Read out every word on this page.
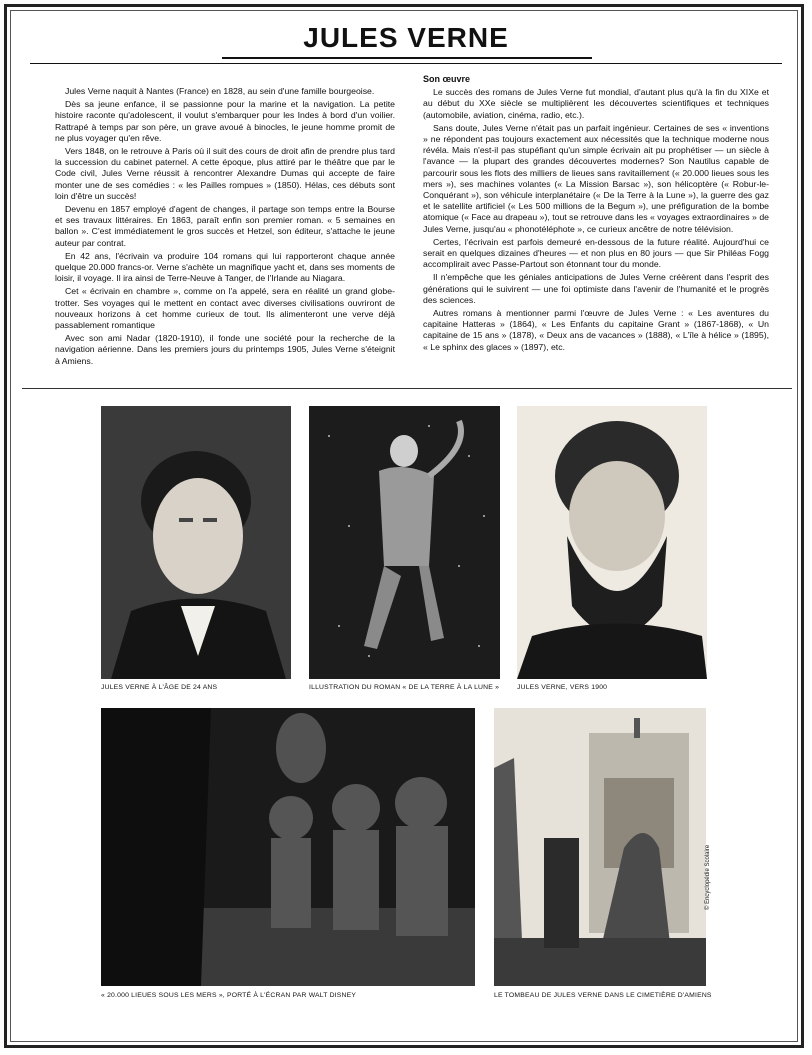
JULES VERNE

Jules Verne naquit à Nantes (France) en 1828, au sein d'une famille bourgeoise.

Dès sa jeune enfance, il se passionne pour la marine et la navigation. La petite histoire raconte qu'adolescent, il voulut s'embarquer pour les Indes à bord d'un voilier. Rattrapé à temps par son père, un grave avoué à binocles, le jeune homme promit de ne plus voyager qu'en rêve.

Vers 1848, on le retrouve à Paris où il suit des cours de droit afin de prendre plus tard la succession du cabinet paternel. A cette époque, plus attiré par le théâtre que par le Code civil, Jules Verne réussit à rencontrer Alexandre Dumas qui accepte de faire monter une de ses comédies : « les Pailles rompues » (1850). Hélas, ces débuts sont loin d'être un succès!

Devenu en 1857 employé d'agent de changes, il partage son temps entre la Bourse et ses travaux littéraires. En 1863, paraît enfin son premier roman. « 5 semaines en ballon ». C'est immédiatement le gros succès et Hetzel, son éditeur, s'attache le jeune auteur par contrat.

En 42 ans, l'écrivain va produire 104 romans qui lui rapporteront chaque année quelque 20.000 francs-or. Verne s'achète un magnifique yacht et, dans ses moments de loisir, il voyage. Il ira ainsi de Terre-Neuve à Tanger, de l'Irlande au Niagara.

Cet « écrivain en chambre », comme on l'a appelé, sera en réalité un grand globe-trotter. Ses voyages qui le mettent en contact avec diverses civilisations ouvriront de nouveaux horizons à cet homme curieux de tout. Ils alimenteront une verve déjà passablement romantique

Avec son ami Nadar (1820-1910), il fonde une société pour la recherche de la navigation aérienne. Dans les premiers jours du printemps 1905, Jules Verne s'éteignit à Amiens.

Son œuvre

Le succès des romans de Jules Verne fut mondial, d'autant plus qu'à la fin du XIXe et au début du XXe siècle se multiplièrent les découvertes scientifiques et techniques (automobile, aviation, cinéma, radio, etc.).

Sans doute, Jules Verne n'était pas un parfait ingénieur. Certaines de ses « inventions » ne répondent pas toujours exactement aux nécessités que la technique moderne nous révéla. Mais n'est-il pas stupéfiant qu'un simple écrivain ait pu prophétiser — un siècle à l'avance — la plupart des grandes découvertes modernes? Son Nautilus capable de parcourir sous les flots des milliers de lieues sans ravitaillement (« 20.000 lieues sous les mers »), ses machines volantes (« La Mission Barsac »), son hélicoptère (« Robur-le-Conquérant »), son véhicule interplanétaire (« De la Terre à la Lune »), la guerre des gaz et le satellite artificiel (« Les 500 millions de la Begum »), une préfiguration de la bombe atomique (« Face au drapeau »), tout se retrouve dans les « voyages extraordinaires » de Jules Verne, jusqu'au « phonotéléphote », ce curieux ancêtre de notre télévision.

Certes, l'écrivain est parfois demeuré en-dessous de la future réalité. Aujourd'hui ce serait en quelques dizaines d'heures — et non plus en 80 jours — que Sir Philéas Fogg accomplirait avec Passe-Partout son étonnant tour du monde.

Il n'empêche que les géniales anticipations de Jules Verne créèrent dans l'esprit des générations qui le suivirent — une foi optimiste dans l'avenir de l'humanité et le progrès des sciences.

Autres romans à mentionner parmi l'œuvre de Jules Verne : « Les aventures du capitaine Hatteras » (1864), « Les Enfants du capitaine Grant » (1867-1868), « Un capitaine de 15 ans » (1878), « Deux ans de vacances » (1888), « L'île à hélice » (1895), « Le sphinx des glaces » (1897), etc.

JULES VERNE À L'ÂGE DE 24 ANS	ILLUSTRATION DU ROMAN « DE LA TERRE À LA LUNE »	JULES VERNE, VERS 1900
« 20.000 LIEUES SOUS LES MERS », PORTÉ À L'ÉCRAN PAR WALT DISNEY	LE TOMBEAU DE JULES VERNE DANS LE CIMETIÈRE D'AMIENS
© Encyclopédie Scolaire
